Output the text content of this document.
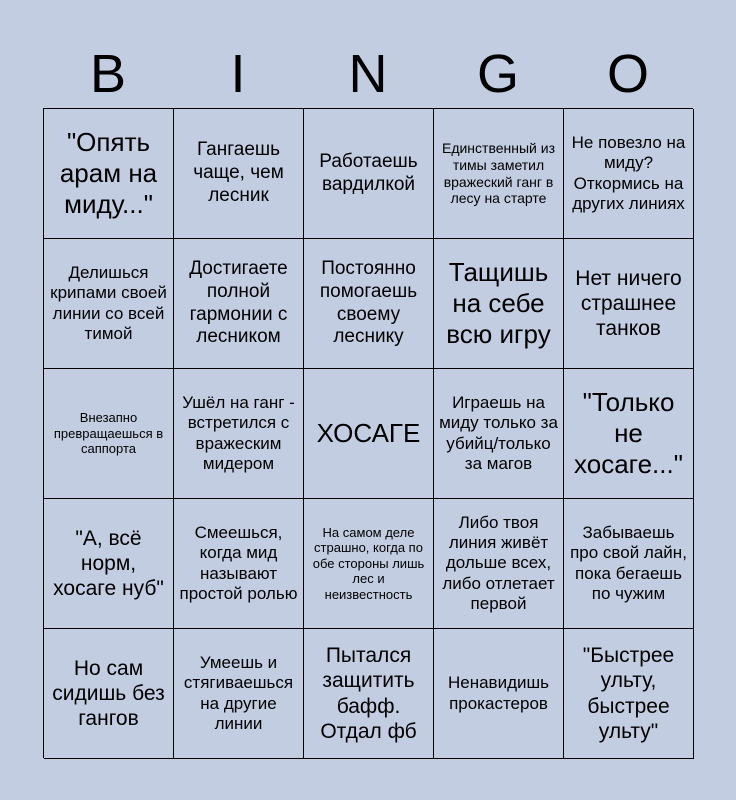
B	I	N	G	O
"Опять арам на миду..."
Гангаешь чаще, чем лесник
Работаешь вардилкой
Единственный из тимы заметил вражеский ганг в лесу на старте
Не повезло на миду? Откормись на других линиях
Делишься крипами своей линии со всей тимой
Достигаете полной гармонии с лесником
Постоянно помогаешь своему леснику
Тащишь на себе всю игру
Нет ничего страшнее танков
Внезапно превращаешься в саппорта
Ушёл на ганг - встретился с вражеским мидером
ХОСАГЕ
Играешь на миду только за убийц/только за магов
"Только не хосаге..."
"А, всё норм, хосаге нуб"
Смеешься, когда мид называют простой ролью
На самом деле страшно, когда по обе стороны лишь лес и неизвестность
Либо твоя линия живёт дольше всех, либо отлетает первой
Забываешь про свой лайн, пока бегаешь по чужим
Но сам сидишь без гангов
Умеешь и стягиваешься на другие линии
Пытался защитить бафф. Отдал фб
Ненавидишь прокастеров
"Быстрее ульту, быстрее ульту"
